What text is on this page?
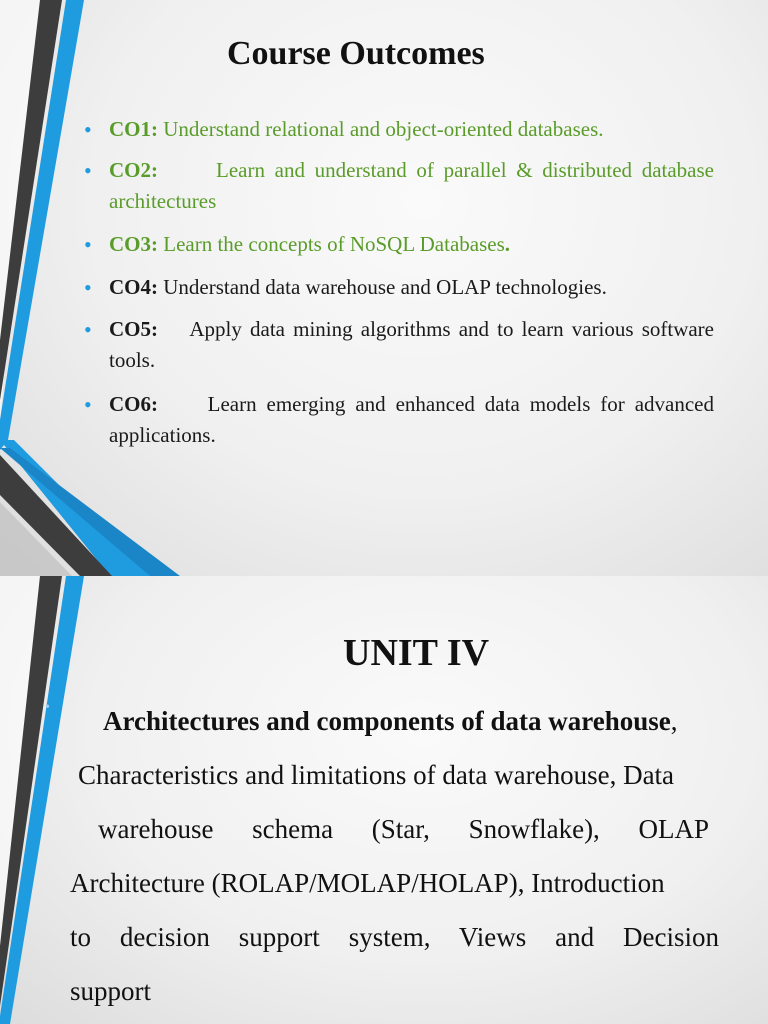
Course Outcomes
• CO1: Understand relational and object-oriented databases.
• CO2:      Learn and understand of parallel & distributed database architectures
• CO3: Learn the concepts of NoSQL Databases.
• CO4: Understand data warehouse and OLAP technologies.
• CO5:    Apply data mining algorithms and to learn various software tools.
• CO6:     Learn emerging and enhanced data models for advanced applications.
UNIT IV
•	Architectures and components of data warehouse,
Characteristics and limitations of data warehouse, Data
warehouse schema (Star, Snowflake), OLAP
Architecture (ROLAP/MOLAP/HOLAP), Introduction
to decision support system, Views and Decision
support
